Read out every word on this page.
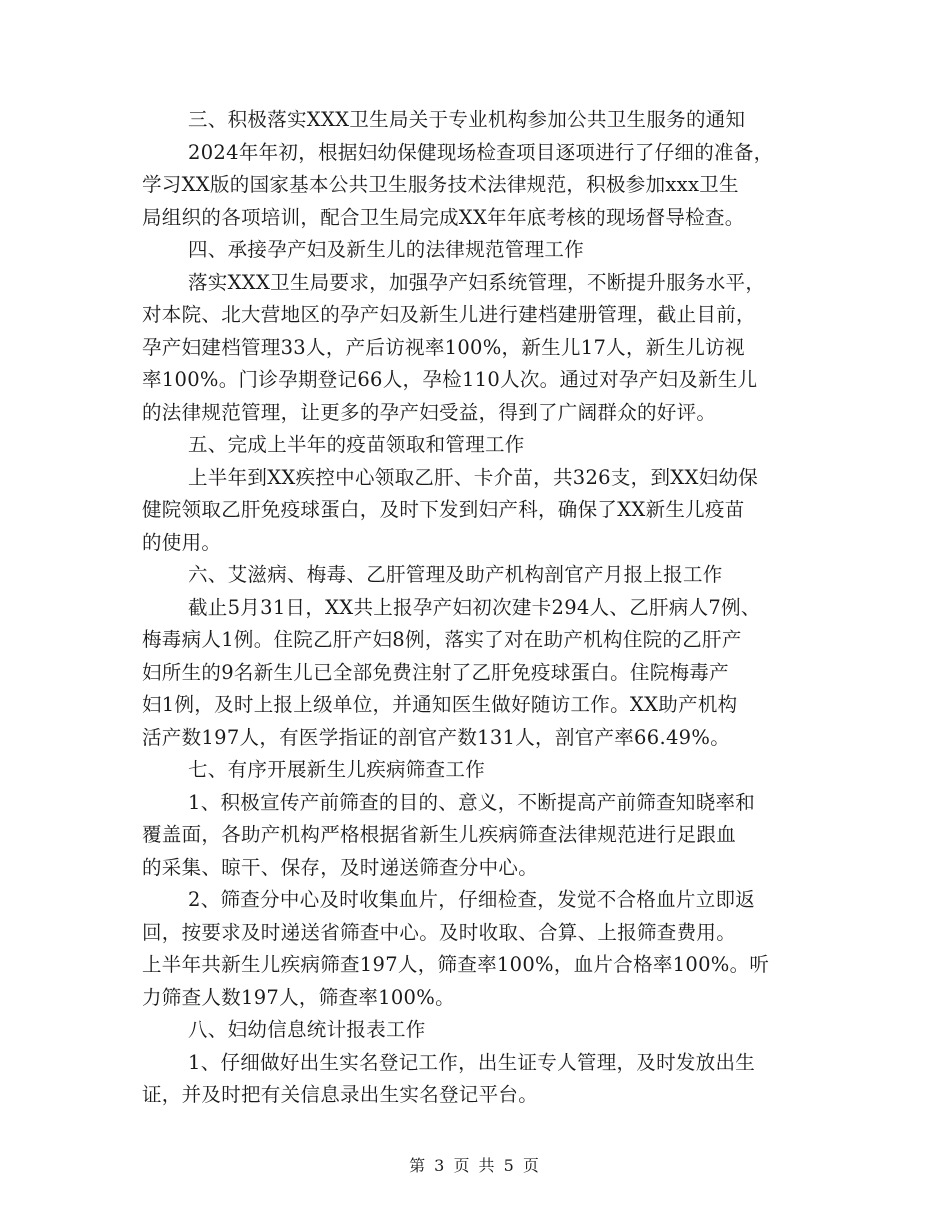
三、积极落实XXX卫生局关于专业机构参加公共卫生服务的通知
2024年年初，根据妇幼保健现场检查项目逐项进行了仔细的准备，
学习XX版的国家基本公共卫生服务技术法律规范，积极参加xxx卫生
局组织的各项培训，配合卫生局完成XX年年底考核的现场督导检查。
四、承接孕产妇及新生儿的法律规范管理工作
落实XXX卫生局要求，加强孕产妇系统管理，不断提升服务水平，
对本院、北大营地区的孕产妇及新生儿进行建档建册管理，截止目前，
孕产妇建档管理33人，产后访视率100%，新生儿17人，新生儿访视
率100%。门诊孕期登记66人，孕检110人次。通过对孕产妇及新生儿
的法律规范管理，让更多的孕产妇受益，得到了广阔群众的好评。
五、完成上半年的疫苗领取和管理工作
上半年到XX疾控中心领取乙肝、卡介苗，共326支，到XX妇幼保
健院领取乙肝免疫球蛋白，及时下发到妇产科，确保了XX新生儿疫苗
的使用。
六、艾滋病、梅毒、乙肝管理及助产机构剖官产月报上报工作
截止5月31日，XX共上报孕产妇初次建卡294人、乙肝病人7例、
梅毒病人1例。住院乙肝产妇8例，落实了对在助产机构住院的乙肝产
妇所生的9名新生儿已全部免费注射了乙肝免疫球蛋白。住院梅毒产
妇1例，及时上报上级单位，并通知医生做好随访工作。XX助产机构
活产数197人，有医学指证的剖官产数131人，剖官产率66.49%。
七、有序开展新生儿疾病筛查工作
1、积极宣传产前筛查的目的、意义，不断提高产前筛查知晓率和
覆盖面，各助产机构严格根据省新生儿疾病筛查法律规范进行足跟血
的采集、晾干、保存，及时递送筛查分中心。
2、筛查分中心及时收集血片，仔细检查，发觉不合格血片立即返
回，按要求及时递送省筛查中心。及时收取、合算、上报筛查费用。
上半年共新生儿疾病筛查197人，筛查率100%，血片合格率100%。听
力筛查人数197人，筛查率100%。
八、妇幼信息统计报表工作
1、仔细做好出生实名登记工作，出生证专人管理，及时发放出生
证，并及时把有关信息录出生实名登记平台。
第 3 页 共 5 页
